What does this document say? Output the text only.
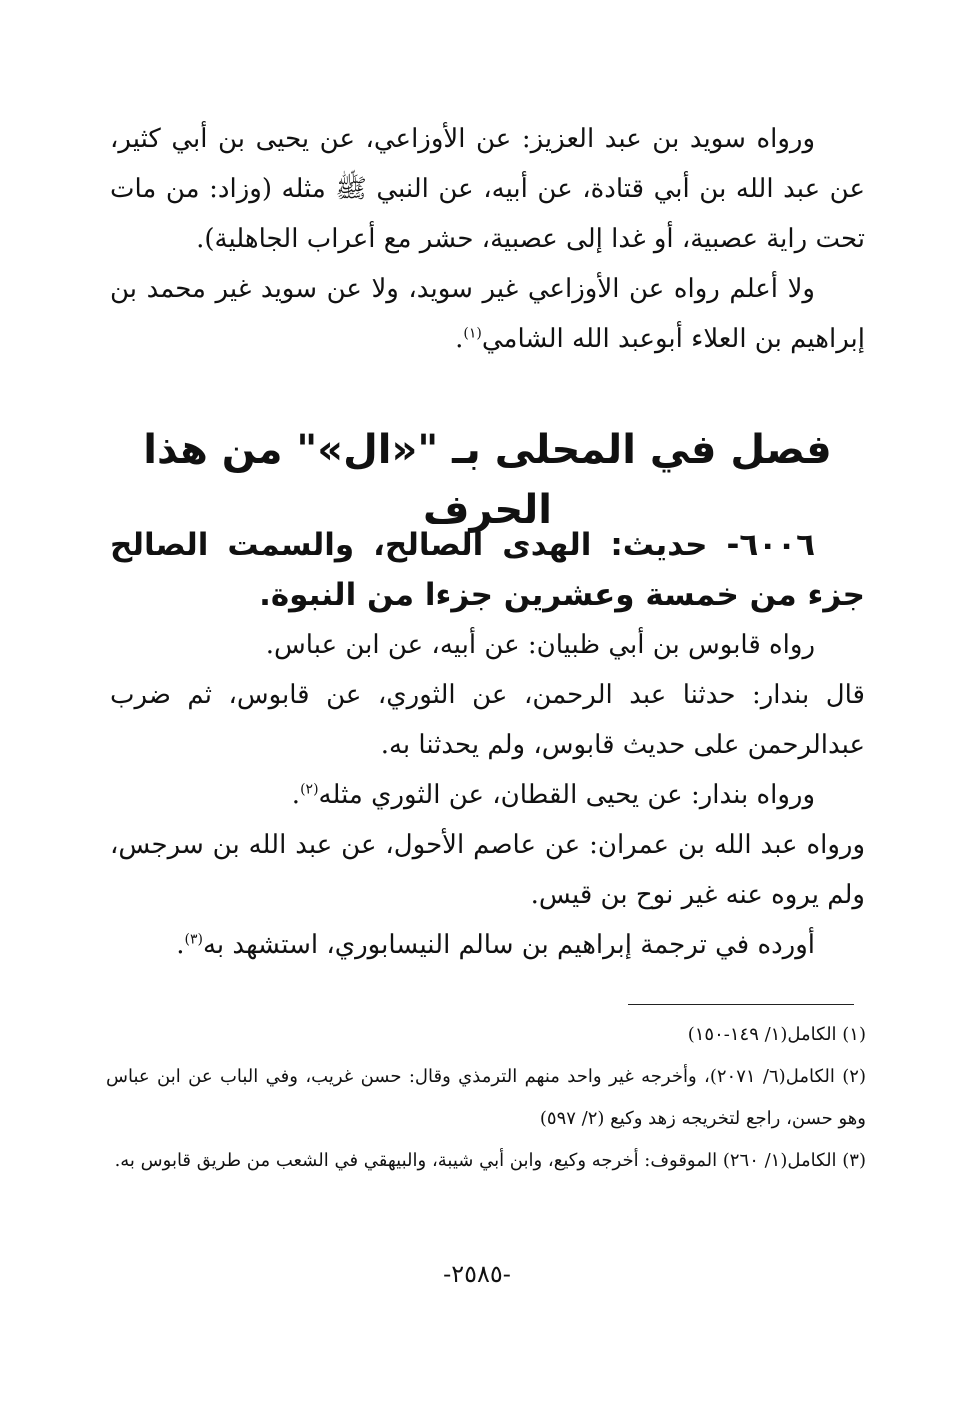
ورواه سويد بن عبد العزيز: عن الأوزاعي، عن يحيى بن أبي كثير، عن عبد الله بن أبي قتادة، عن أبيه، عن النبي ﷺ مثله (وزاد: من مات تحت راية عصبية، أو غدا إلى عصبية، حشر مع أعراب الجاهلية).

ولا أعلم رواه عن الأوزاعي غير سويد، ولا عن سويد غير محمد بن إبراهيم بن العلاء أبوعبد الله الشامي$^{(١)}$.

فصل في المحلى بـ "«ال»" من هذا الحرف

٦٠٠٦- حديث: الهدى الصالح، والسمت الصالح جزء من خمسة وعشرين جزءا من النبوة.

رواه قابوس بن أبي ظبيان: عن أبيه، عن ابن عباس.

قال بندار: حدثنا عبد الرحمن، عن الثوري، عن قابوس، ثم ضرب عبدالرحمن على حديث قابوس، ولم يحدثنا به.

ورواه بندار: عن يحيى القطان، عن الثوري مثله$^{(٢)}$.

ورواه عبد الله بن عمران: عن عاصم الأحول، عن عبد الله بن سرجس، ولم يروه عنه غير نوح بن قيس.

أورده في ترجمة إبراهيم بن سالم النيسابوري، استشهد به$^{(٣)}$.

(١) الكامل(١/ ١٤٩-١٥٠)

(٢) الكامل(٦/ ٢٠٧١)، وأخرجه غير واحد منهم الترمذي وقال: حسن غريب، وفي الباب عن ابن عباس وهو حسن، راجع لتخريجه زهد وكيع (٢/ ٥٩٧)

(٣) الكامل(١/ ٢٦٠) الموقوف: أخرجه وكيع، وابن أبي شيبة، والبيهقي في الشعب من طريق قابوس به.

-٢٥٨٥-
